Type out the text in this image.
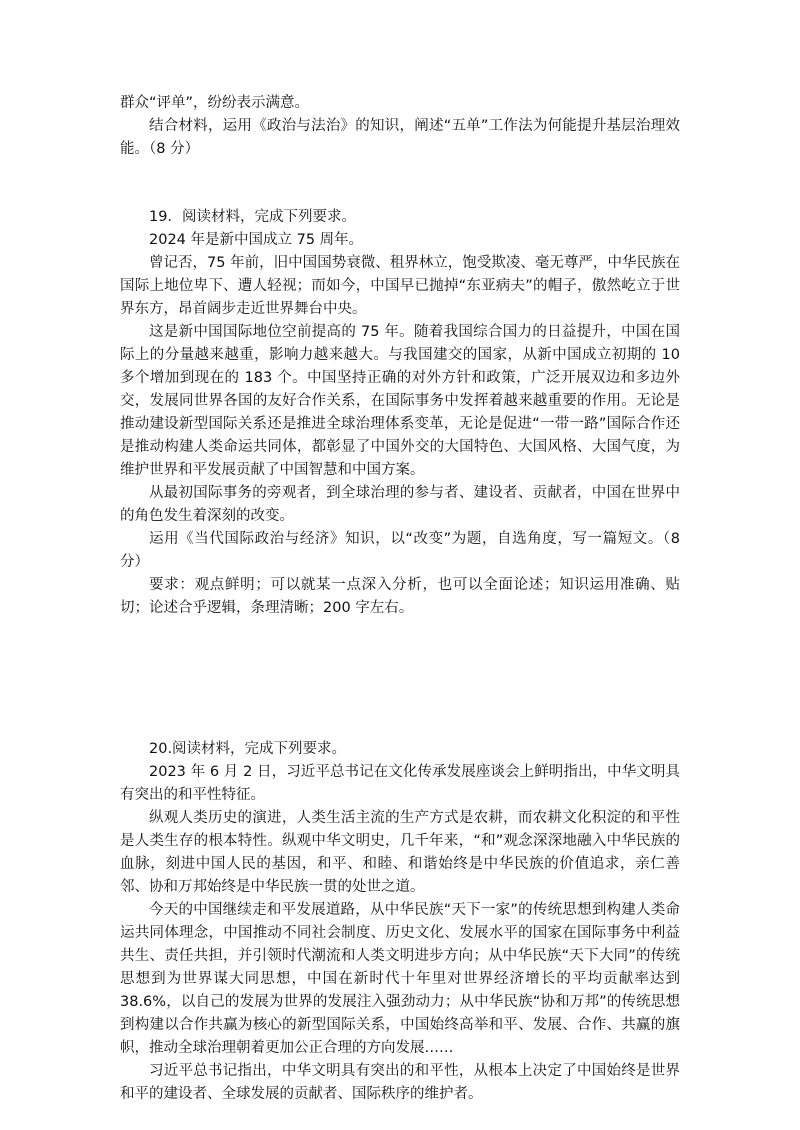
群众“评单”，纷纷表示满意。

结合材料，运用《政治与法治》的知识，阐述“五单”工作法为何能提升基层治理效能。（8 分）

19．阅读材料，完成下列要求。

2024 年是新中国成立 75 周年。

曾记否，75 年前，旧中国国势衰微、租界林立，饱受欺凌、毫无尊严，中华民族在国际上地位卑下、遭人轻视；而如今，中国早已抛掉“东亚病夫”的帽子，傲然屹立于世界东方，昂首阔步走近世界舞台中央。

这是新中国国际地位空前提高的 75 年。随着我国综合国力的日益提升，中国在国际上的分量越来越重，影响力越来越大。与我国建交的国家，从新中国成立初期的 10 多个增加到现在的 183 个。中国坚持正确的对外方针和政策，广泛开展双边和多边外交，发展同世界各国的友好合作关系，在国际事务中发挥着越来越重要的作用。无论是推动建设新型国际关系还是推进全球治理体系变革，无论是促进“一带一路”国际合作还是推动构建人类命运共同体，都彰显了中国外交的大国特色、大国风格、大国气度，为维护世界和平发展贡献了中国智慧和中国方案。

从最初国际事务的旁观者，到全球治理的参与者、建设者、贡献者，中国在世界中的角色发生着深刻的改变。

运用《当代国际政治与经济》知识，以“改变”为题，自选角度，写一篇短文。（8 分）

要求：观点鲜明；可以就某一点深入分析，也可以全面论述；知识运用准确、贴切；论述合乎逻辑，条理清晰；200 字左右。

20.阅读材料，完成下列要求。

2023 年 6 月 2 日，习近平总书记在文化传承发展座谈会上鲜明指出，中华文明具有突出的和平性特征。

纵观人类历史的演进，人类生活主流的生产方式是农耕，而农耕文化积淀的和平性是人类生存的根本特性。纵观中华文明史，几千年来，“和”观念深深地融入中华民族的血脉，刻进中国人民的基因，和平、和睦、和谐始终是中华民族的价值追求，亲仁善邻、协和万邦始终是中华民族一贯的处世之道。

今天的中国继续走和平发展道路，从中华民族“天下一家”的传统思想到构建人类命运共同体理念，中国推动不同社会制度、历史文化、发展水平的国家在国际事务中利益共生、责任共担，并引领时代潮流和人类文明进步方向；从中华民族“天下大同”的传统思想到为世界谋大同思想，中国在新时代十年里对世界经济增长的平均贡献率达到 38.6%，以自己的发展为世界的发展注入强劲动力；从中华民族“协和万邦”的传统思想到构建以合作共赢为核心的新型国际关系，中国始终高举和平、发展、合作、共赢的旗帜，推动全球治理朝着更加公正合理的方向发展……

习近平总书记指出，中华文明具有突出的和平性，从根本上决定了中国始终是世界和平的建设者、全球发展的贡献者、国际秩序的维护者。
